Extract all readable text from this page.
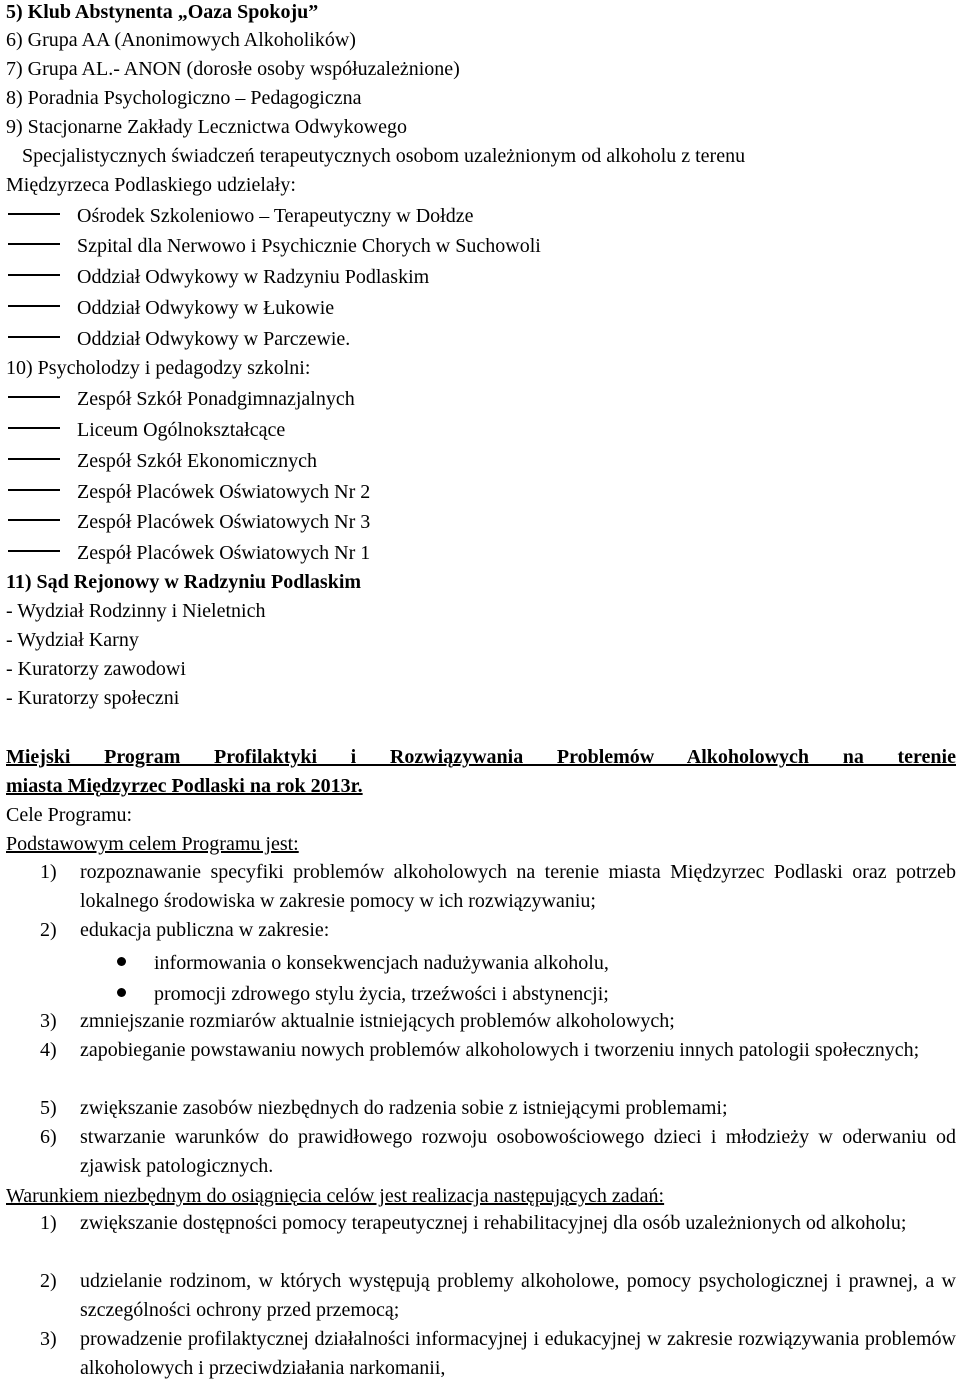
5) Klub Abstynenta „Oaza Spokoju”
6) Grupa AA (Anonimowych Alkoholików)
7) Grupa AL.- ANON (dorosłe osoby współuzależnione)
8) Poradnia Psychologiczno – Pedagogiczna
9) Stacjonarne Zakłady Lecznictwa Odwykowego
Specjalistycznych świadczeń terapeutycznych osobom uzależnionym od alkoholu z terenu
Międzyrzeca Podlaskiego udzielały:
Ośrodek Szkoleniowo – Terapeutyczny w Dołdze
Szpital dla Nerwowo i Psychicznie Chorych w Suchowoli
Oddział Odwykowy w Radzyniu Podlaskim
Oddział Odwykowy w Łukowie
Oddział Odwykowy w Parczewie.
10) Psycholodzy i pedagodzy szkolni:
Zespół Szkół Ponadgimnazjalnych
Liceum Ogólnokształcące
Zespół Szkół Ekonomicznych
Zespół Placówek Oświatowych Nr 2
Zespół Placówek Oświatowych Nr 3
Zespół Placówek Oświatowych Nr 1
11) Sąd Rejonowy w Radzyniu Podlaskim
- Wydział Rodzinny i Nieletnich
- Wydział Karny
- Kuratorzy zawodowi
- Kuratorzy społeczni
Miejski Program Profilaktyki i Rozwiązywania Problemów Alkoholowych na terenie
miasta Międzyrzec Podlaski na rok 2013r.
Cele Programu:
Podstawowym celem Programu jest:
1) rozpoznawanie specyfiki problemów alkoholowych na terenie miasta Międzyrzec Podlaski oraz potrzeb lokalnego środowiska w zakresie pomocy w ich rozwiązywaniu;
2) edukacja publiczna w zakresie:
informowania o konsekwencjach nadużywania alkoholu,
promocji zdrowego stylu życia, trzeźwości i abstynencji;
3) zmniejszanie rozmiarów aktualnie istniejących problemów alkoholowych;
4) zapobieganie powstawaniu nowych problemów alkoholowych i tworzeniu innych patologii społecznych;
5) zwiększanie zasobów niezbędnych do radzenia sobie z istniejącymi problemami;
6) stwarzanie warunków do prawidłowego rozwoju osobowościowego dzieci i młodzieży w oderwaniu od zjawisk patologicznych.
Warunkiem niezbędnym do osiągnięcia celów jest realizacja następujących zadań:
1) zwiększanie dostępności pomocy terapeutycznej i rehabilitacyjnej dla osób uzależnionych od alkoholu;
2) udzielanie rodzinom, w których występują problemy alkoholowe, pomocy psychologicznej i prawnej, a w szczególności ochrony przed przemocą;
3) prowadzenie profilaktycznej działalności informacyjnej i edukacyjnej w zakresie rozwiązywania problemów alkoholowych i przeciwdziałania narkomanii,
